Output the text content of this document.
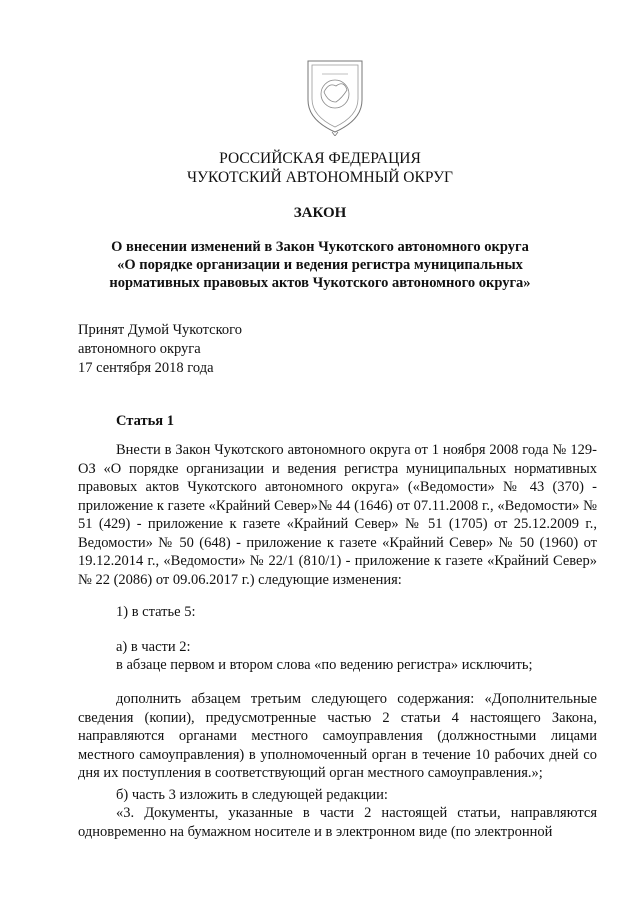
РОССИЙСКАЯ ФЕДЕРАЦИЯ
ЧУКОТСКИЙ АВТОНОМНЫЙ ОКРУГ
ЗАКОН
О внесении изменений в Закон Чукотского автономного округа
«О порядке организации и ведения регистра муниципальных
нормативных правовых актов Чукотского автономного округа»
Принят Думой Чукотского
автономного округа
17 сентября 2018 года
Статья 1
Внести в Закон Чукотского автономного округа от 1 ноября 2008 года № 129-ОЗ «О порядке организации и ведения регистра муниципальных нормативных правовых актов Чукотского автономного округа» («Ведомости» № 43 (370) - приложение к газете «Крайний Север»№ 44 (1646) от 07.11.2008 г., «Ведомости» № 51 (429) - приложение к газете «Крайний Север» № 51 (1705) от 25.12.2009 г., Ведомости» № 50 (648) - приложение к газете «Крайний Север» № 50 (1960) от 19.12.2014 г., «Ведомости» № 22/1 (810/1) - приложение к газете «Крайний Север» № 22 (2086) от 09.06.2017 г.) следующие изменения:
1) в статье 5:
а) в части 2:
в абзаце первом и втором слова «по ведению регистра» исключить;
дополнить абзацем третьим следующего содержания: «Дополнительные сведения (копии), предусмотренные частью 2 статьи 4 настоящего Закона, направляются органами местного самоуправления (должностными лицами местного самоуправления) в уполномоченный орган в течение 10 рабочих дней со дня их поступления в соответствующий орган местного самоуправления.»;
б) часть 3 изложить в следующей редакции:
«3. Документы, указанные в части 2 настоящей статьи, направляются одновременно на бумажном носителе и в электронном виде (по электронной
